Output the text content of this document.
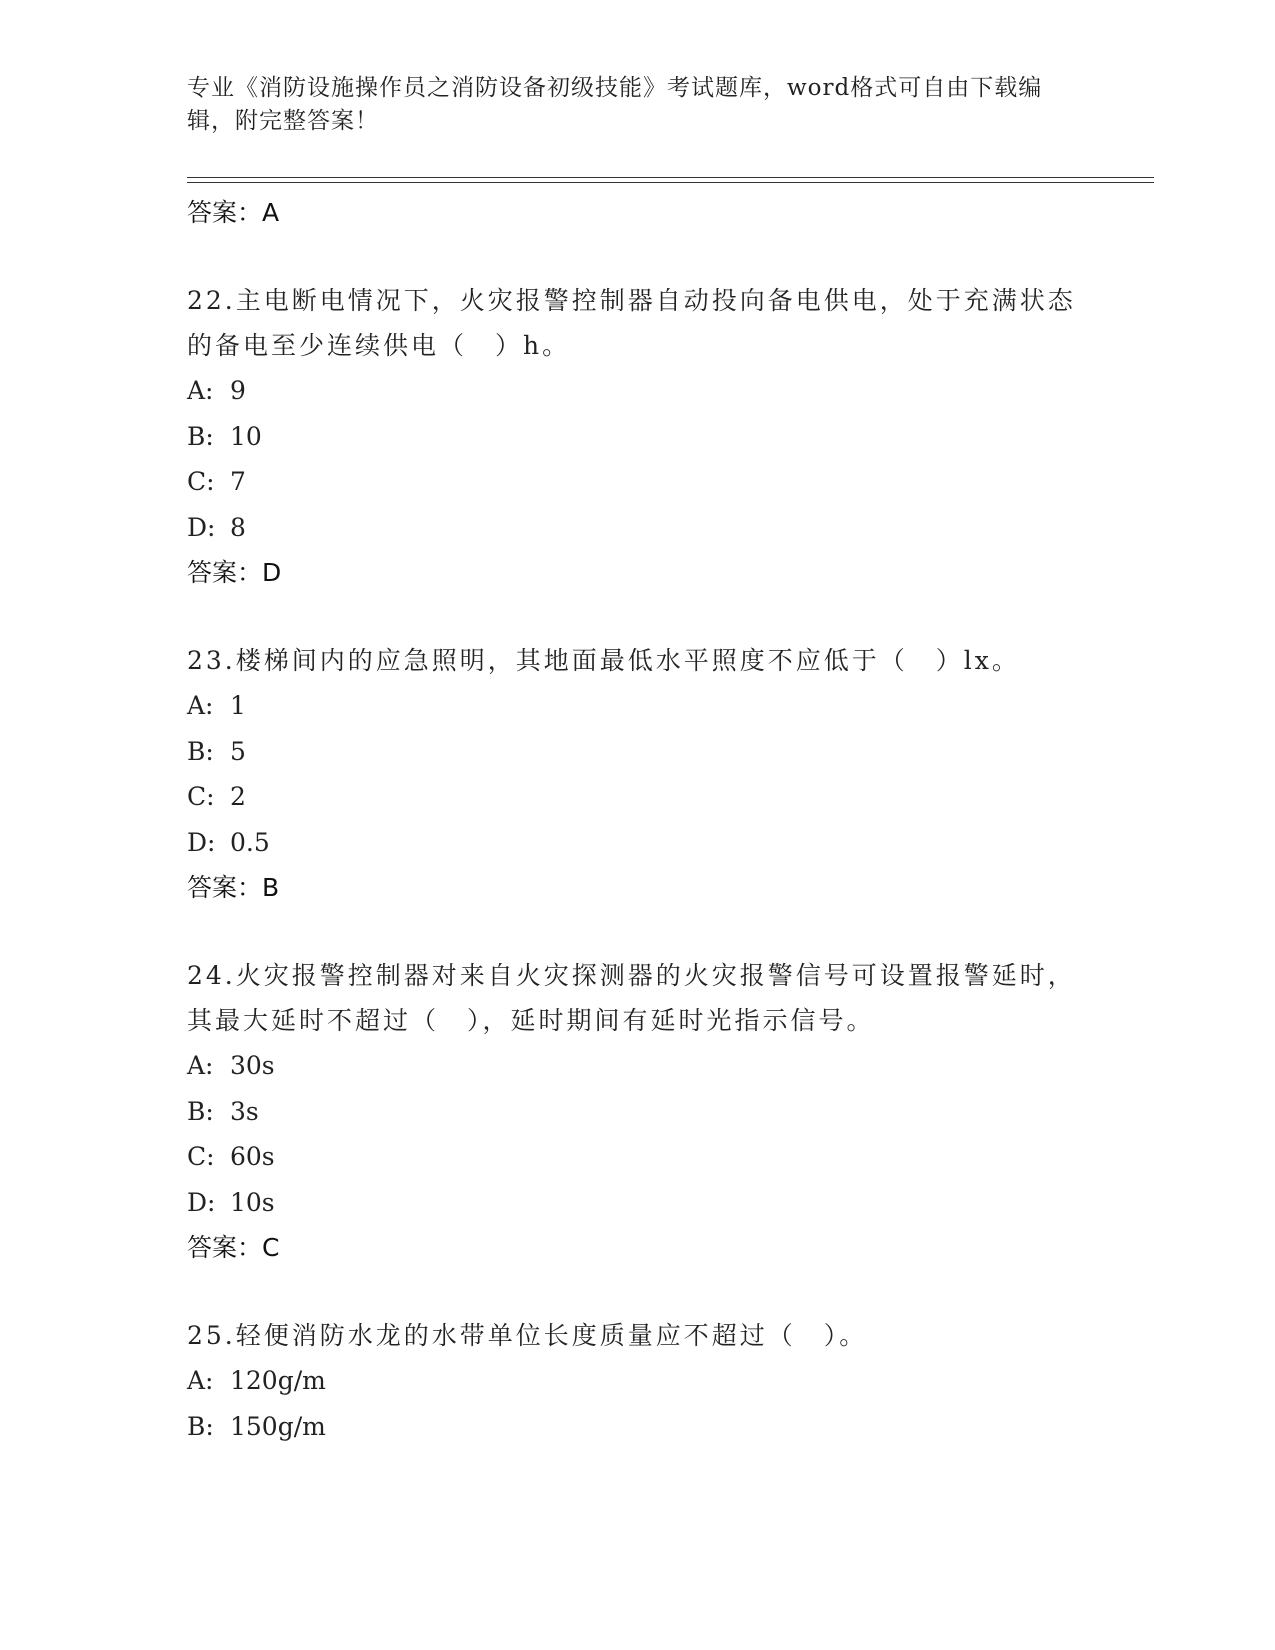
专业《消防设施操作员之消防设备初级技能》考试题库，word格式可自由下载编辑，附完整答案！
答案：A
22.主电断电情况下，火灾报警控制器自动投向备电供电，处于充满状态的备电至少连续供电（　）h。
A: 9
B: 10
C: 7
D: 8
答案：D
23.楼梯间内的应急照明，其地面最低水平照度不应低于（　）lx。
A: 1
B: 5
C: 2
D: 0.5
答案：B
24.火灾报警控制器对来自火灾探测器的火灾报警信号可设置报警延时，其最大延时不超过（　），延时期间有延时光指示信号。
A: 30s
B: 3s
C: 60s
D: 10s
答案：C
25.轻便消防水龙的水带单位长度质量应不超过（　）。
A: 120g/m
B: 150g/m
